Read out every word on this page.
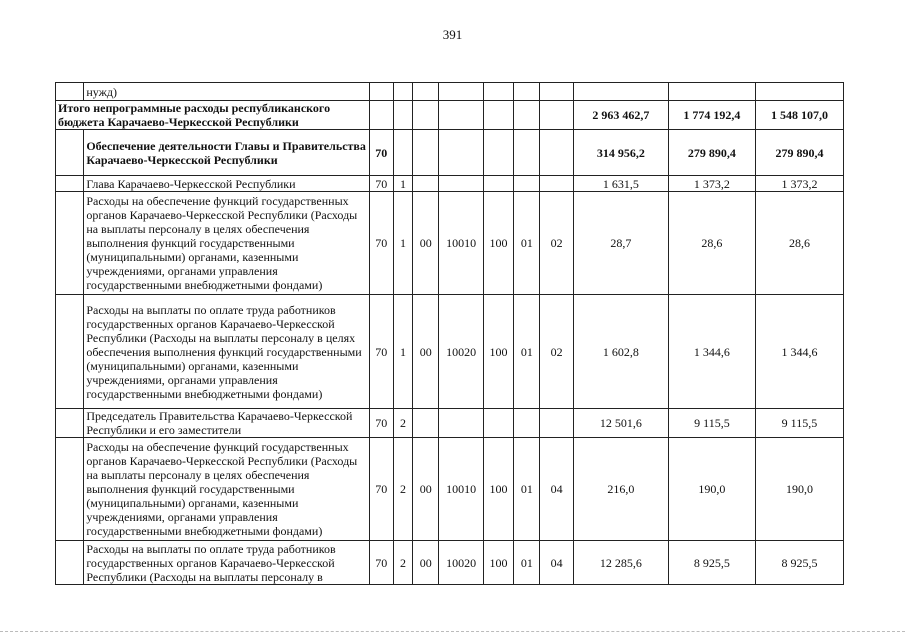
391
	нужд)										
Итого непрограммные расходы республиканского бюджета Карачаево-Черкесской Республики									2 963 462,7	1 774 192,4	1 548 107,0
	Обеспечение деятельности Главы и Правительства Карачаево-Черкесской Республики	70							314 956,2	279 890,4	279 890,4
	Глава Карачаево-Черкесской Республики	70	1						1 631,5	1 373,2	1 373,2
	Расходы на обеспечение функций государственных органов Карачаево-Черкесской Республики (Расходы на выплаты персоналу в целях обеспечения выполнения функций государственными (муниципальными) органами, казенными учреждениями, органами управления государственными внебюджетными фондами)	70	1	00	10010	100	01	02	28,7	28,6	28,6
	Расходы на выплаты по оплате труда работников государственных органов Карачаево-Черкесской Республики (Расходы на выплаты персоналу в целях обеспечения выполнения функций государственными (муниципальными) органами, казенными учреждениями, органами управления государственными внебюджетными фондами)	70	1	00	10020	100	01	02	1 602,8	1 344,6	1 344,6
	Председатель Правительства Карачаево-Черкесской Республики и его заместители	70	2						12 501,6	9 115,5	9 115,5
	Расходы на обеспечение функций государственных органов Карачаево-Черкесской Республики (Расходы на выплаты персоналу в целях обеспечения выполнения функций государственными (муниципальными) органами, казенными учреждениями, органами управления государственными внебюджетными фондами)	70	2	00	10010	100	01	04	216,0	190,0	190,0
	Расходы на выплаты по оплате труда работников государственных органов Карачаево-Черкесской Республики (Расходы на выплаты персоналу в	70	2	00	10020	100	01	04	12 285,6	8 925,5	8 925,5
